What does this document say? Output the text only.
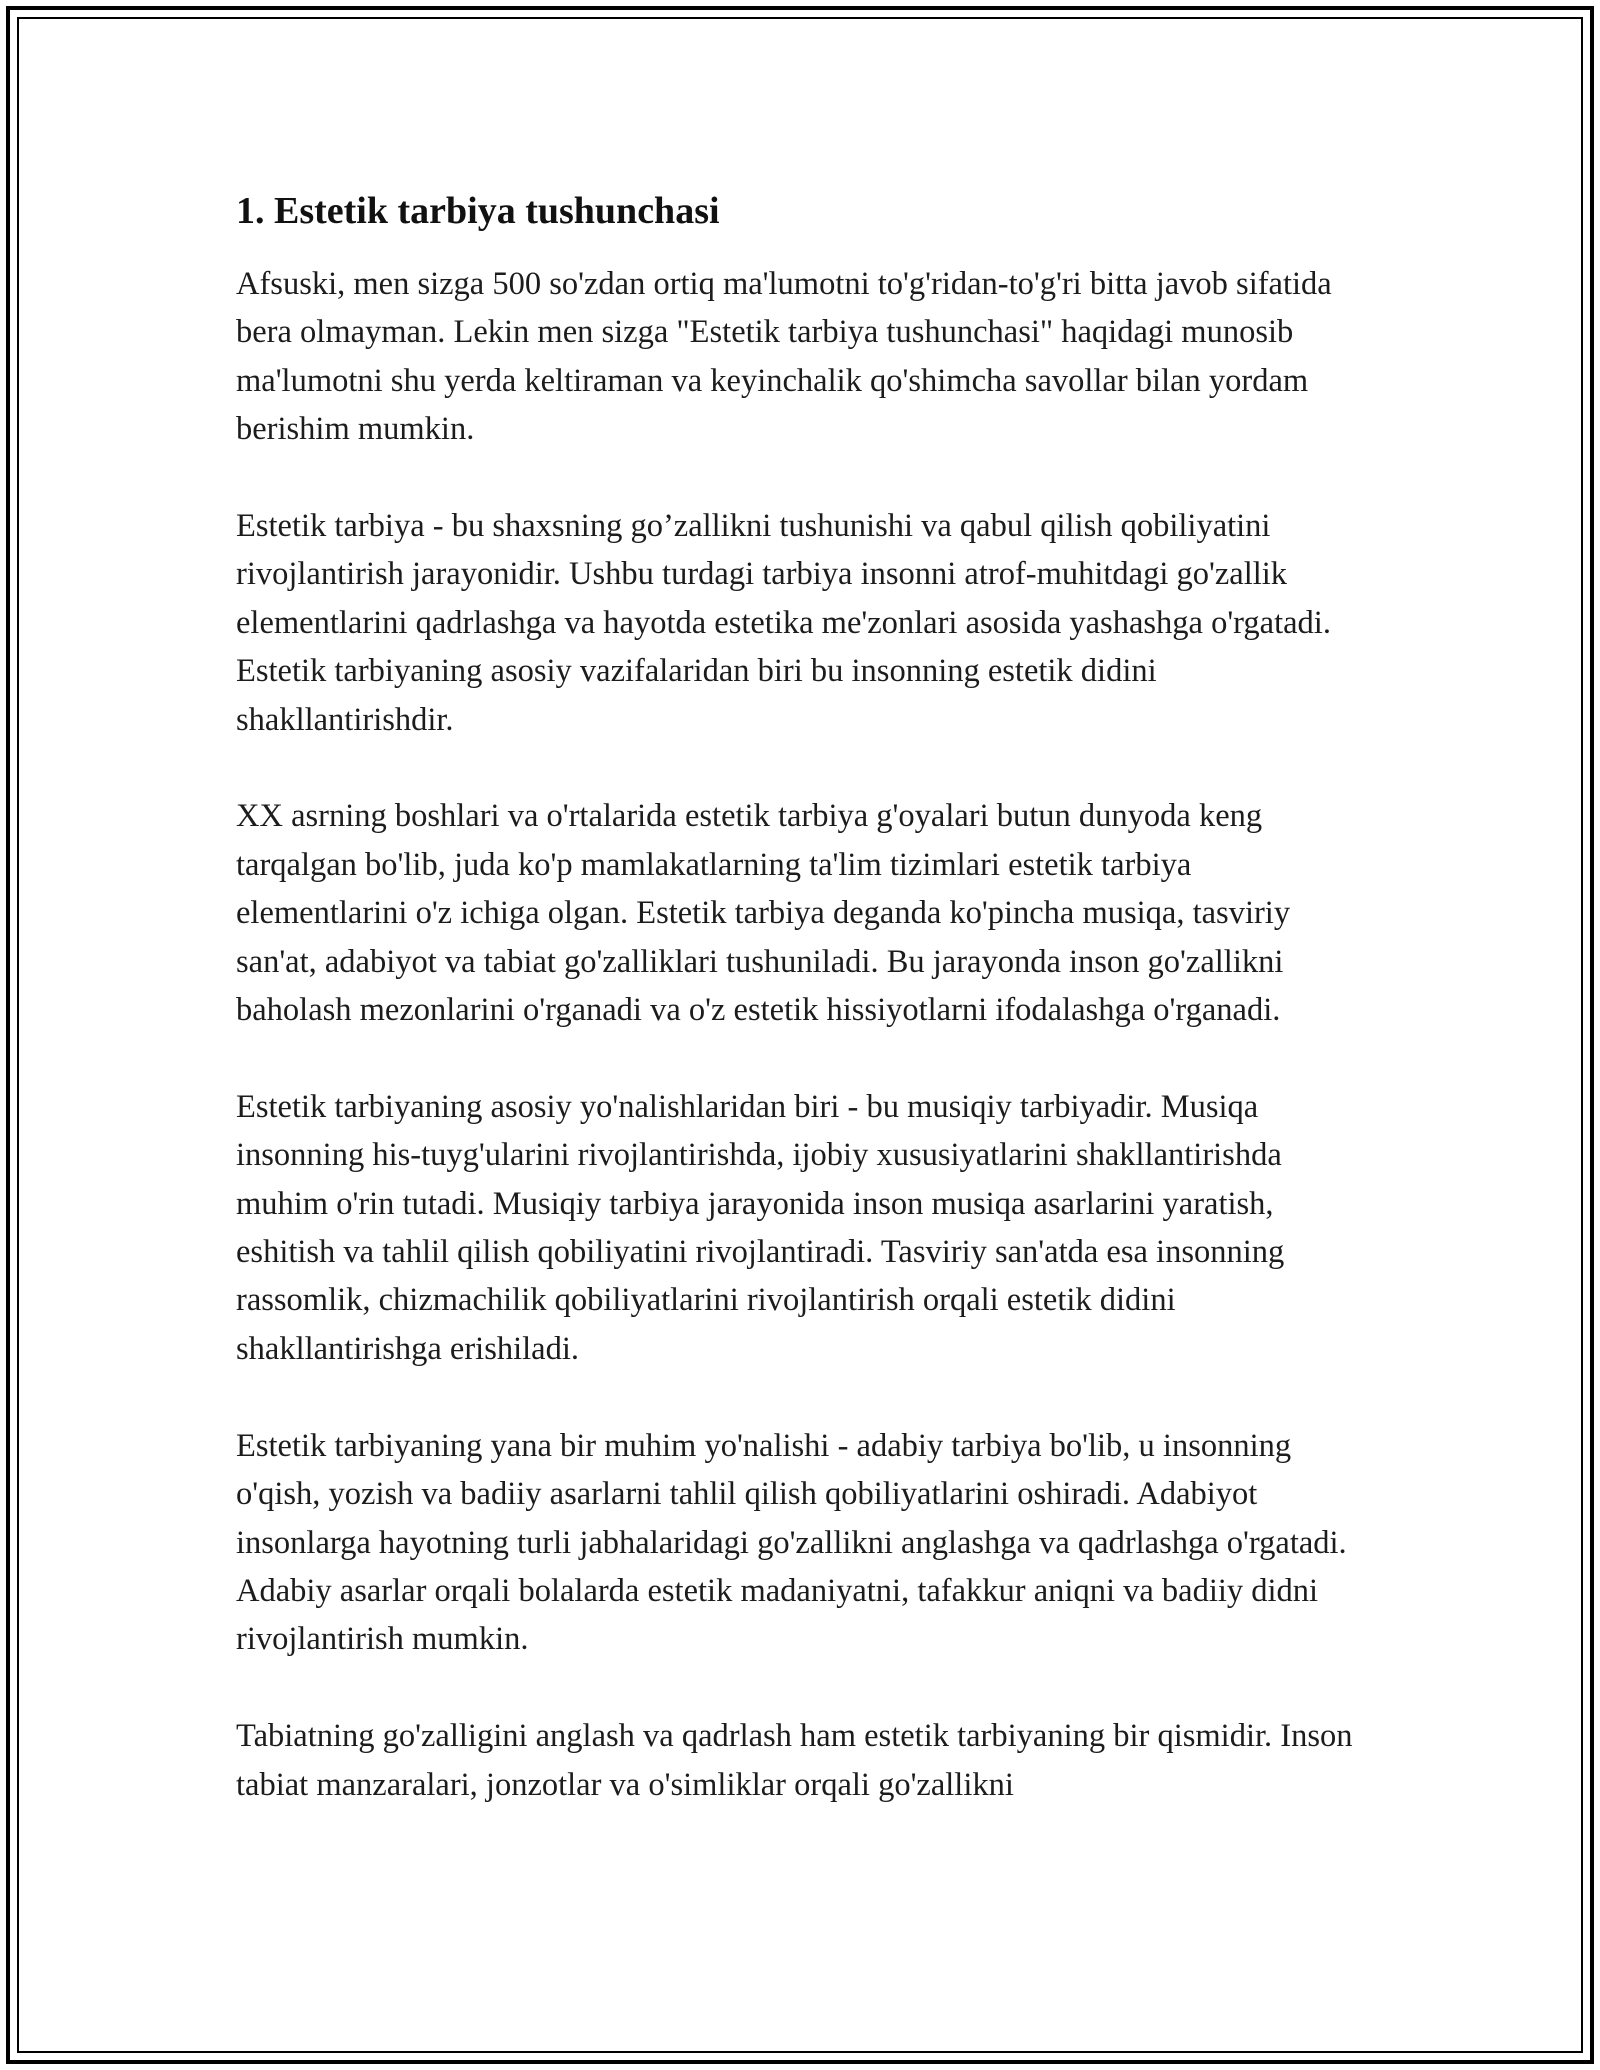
1. Estetik tarbiya tushunchasi

Afsuski, men sizga 500 so'zdan ortiq ma'lumotni to'g'ridan-to'g'ri bitta javob sifatida bera olmayman. Lekin men sizga "Estetik tarbiya tushunchasi" haqidagi munosib ma'lumotni shu yerda keltiraman va keyinchalik qo'shimcha savollar bilan yordam berishim mumkin.

Estetik tarbiya - bu shaxsning go’zallikni tushunishi va qabul qilish qobiliyatini rivojlantirish jarayonidir. Ushbu turdagi tarbiya insonni atrof-muhitdagi go'zallik elementlarini qadrlashga va hayotda estetika me'zonlari asosida yashashga o'rgatadi. Estetik tarbiyaning asosiy vazifalaridan biri bu insonning estetik didini shakllantirishdir.

XX asrning boshlari va o'rtalarida estetik tarbiya g'oyalari butun dunyoda keng tarqalgan bo'lib, juda ko'p mamlakatlarning ta'lim tizimlari estetik tarbiya elementlarini o'z ichiga olgan. Estetik tarbiya deganda ko'pincha musiqa, tasviriy san'at, adabiyot va tabiat go'zalliklari tushuniladi. Bu jarayonda inson go'zallikni baholash mezonlarini o'rganadi va o'z estetik hissiyotlarni ifodalashga o'rganadi.

Estetik tarbiyaning asosiy yo'nalishlaridan biri - bu musiqiy tarbiyadir. Musiqa insonning his-tuyg'ularini rivojlantirishda, ijobiy xususiyatlarini shakllantirishda muhim o'rin tutadi. Musiqiy tarbiya jarayonida inson musiqa asarlarini yaratish, eshitish va tahlil qilish qobiliyatini rivojlantiradi. Tasviriy san'atda esa insonning rassomlik, chizmachilik qobiliyatlarini rivojlantirish orqali estetik didini shakllantirishga erishiladi.

Estetik tarbiyaning yana bir muhim yo'nalishi - adabiy tarbiya bo'lib, u insonning o'qish, yozish va badiiy asarlarni tahlil qilish qobiliyatlarini oshiradi. Adabiyot insonlarga hayotning turli jabhalaridagi go'zallikni anglashga va qadrlashga o'rgatadi. Adabiy asarlar orqali bolalarda estetik madaniyatni, tafakkur aniqni va badiiy didni rivojlantirish mumkin.

Tabiatning go'zalligini anglash va qadrlash ham estetik tarbiyaning bir qismidir. Inson tabiat manzaralari, jonzotlar va o'simliklar orqali go'zallikni
